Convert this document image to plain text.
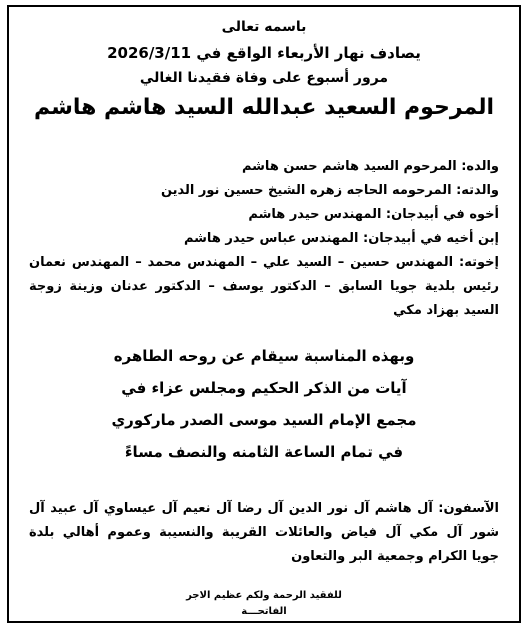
باسمه تعالى
يصادف نهار الأربعاء الواقع في 2026/3/11
مرور أسبوع على وفاة فقيدنا الغالي
المرحوم السعيد عبدالله السيد هاشم هاشم
والده: المرحوم السيد هاشم حسن هاشم
والدته: المرحومه الحاجه زهره الشيخ حسين نور الدين
أخوه في أبيدجان: المهندس حيدر هاشم
إبن أخيه في أبيدجان: المهندس عباس حيدر هاشم
إخوته: المهندس حسين – السيد علي – المهندس محمد – المهندس نعمان
رئيس بلدية جويا السابق – الدكتور يوسف – الدكتور عدنان وزينة زوجة
السيد بهزاد مكي
وبهذه المناسبة سيقام عن روحه الطاهره
آيات من الذكر الحكيم ومجلس عزاء في
مجمع الإمام السيد موسى الصدر ماركوري
في تمام الساعة الثامنه والنصف مساءً
الآسفون: آل هاشم آل نور الدين آل رضا آل نعيم آل عيساوي آل عبيد آل
شور آل مكي آل فياض والعائلات القريبة والنسيبة وعموم أهالي بلدة
جويا الكرام وجمعية البر والتعاون
للفقيد الرحمة ولكم عظيم الاجر
الفاتحـــة
